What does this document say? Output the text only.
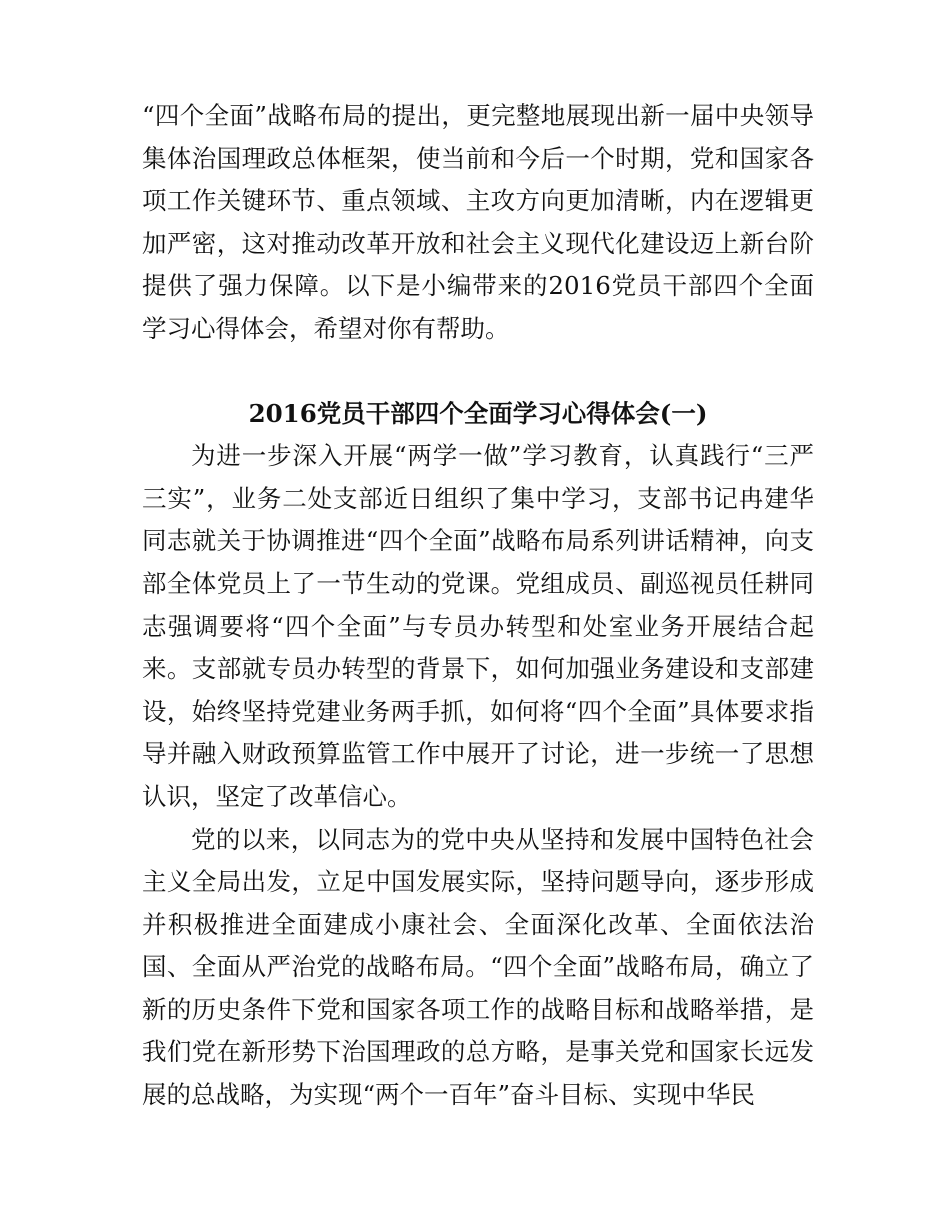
“四个全面”战略布局的提出，更完整地展现出新一届中央领导集体治国理政总体框架，使当前和今后一个时期，党和国家各项工作关键环节、重点领域、主攻方向更加清晰，内在逻辑更加严密，这对推动改革开放和社会主义现代化建设迈上新台阶提供了强力保障。以下是小编带来的2016党员干部四个全面学习心得体会，希望对你有帮助。

2016党员干部四个全面学习心得体会(一)

为进一步深入开展“两学一做”学习教育，认真践行“三严三实”，业务二处支部近日组织了集中学习，支部书记冉建华同志就关于协调推进“四个全面”战略布局系列讲话精神，向支部全体党员上了一节生动的党课。党组成员、副巡视员任耕同志强调要将“四个全面”与专员办转型和处室业务开展结合起来。支部就专员办转型的背景下，如何加强业务建设和支部建设，始终坚持党建业务两手抓，如何将“四个全面”具体要求指导并融入财政预算监管工作中展开了讨论，进一步统一了思想认识，坚定了改革信心。

党的以来，以同志为的党中央从坚持和发展中国特色社会主义全局出发，立足中国发展实际，坚持问题导向，逐步形成并积极推进全面建成小康社会、全面深化改革、全面依法治国、全面从严治党的战略布局。“四个全面”战略布局，确立了新的历史条件下党和国家各项工作的战略目标和战略举措，是我们党在新形势下治国理政的总方略，是事关党和国家长远发展的总战略，为实现“两个一百年”奋斗目标、实现中华民
